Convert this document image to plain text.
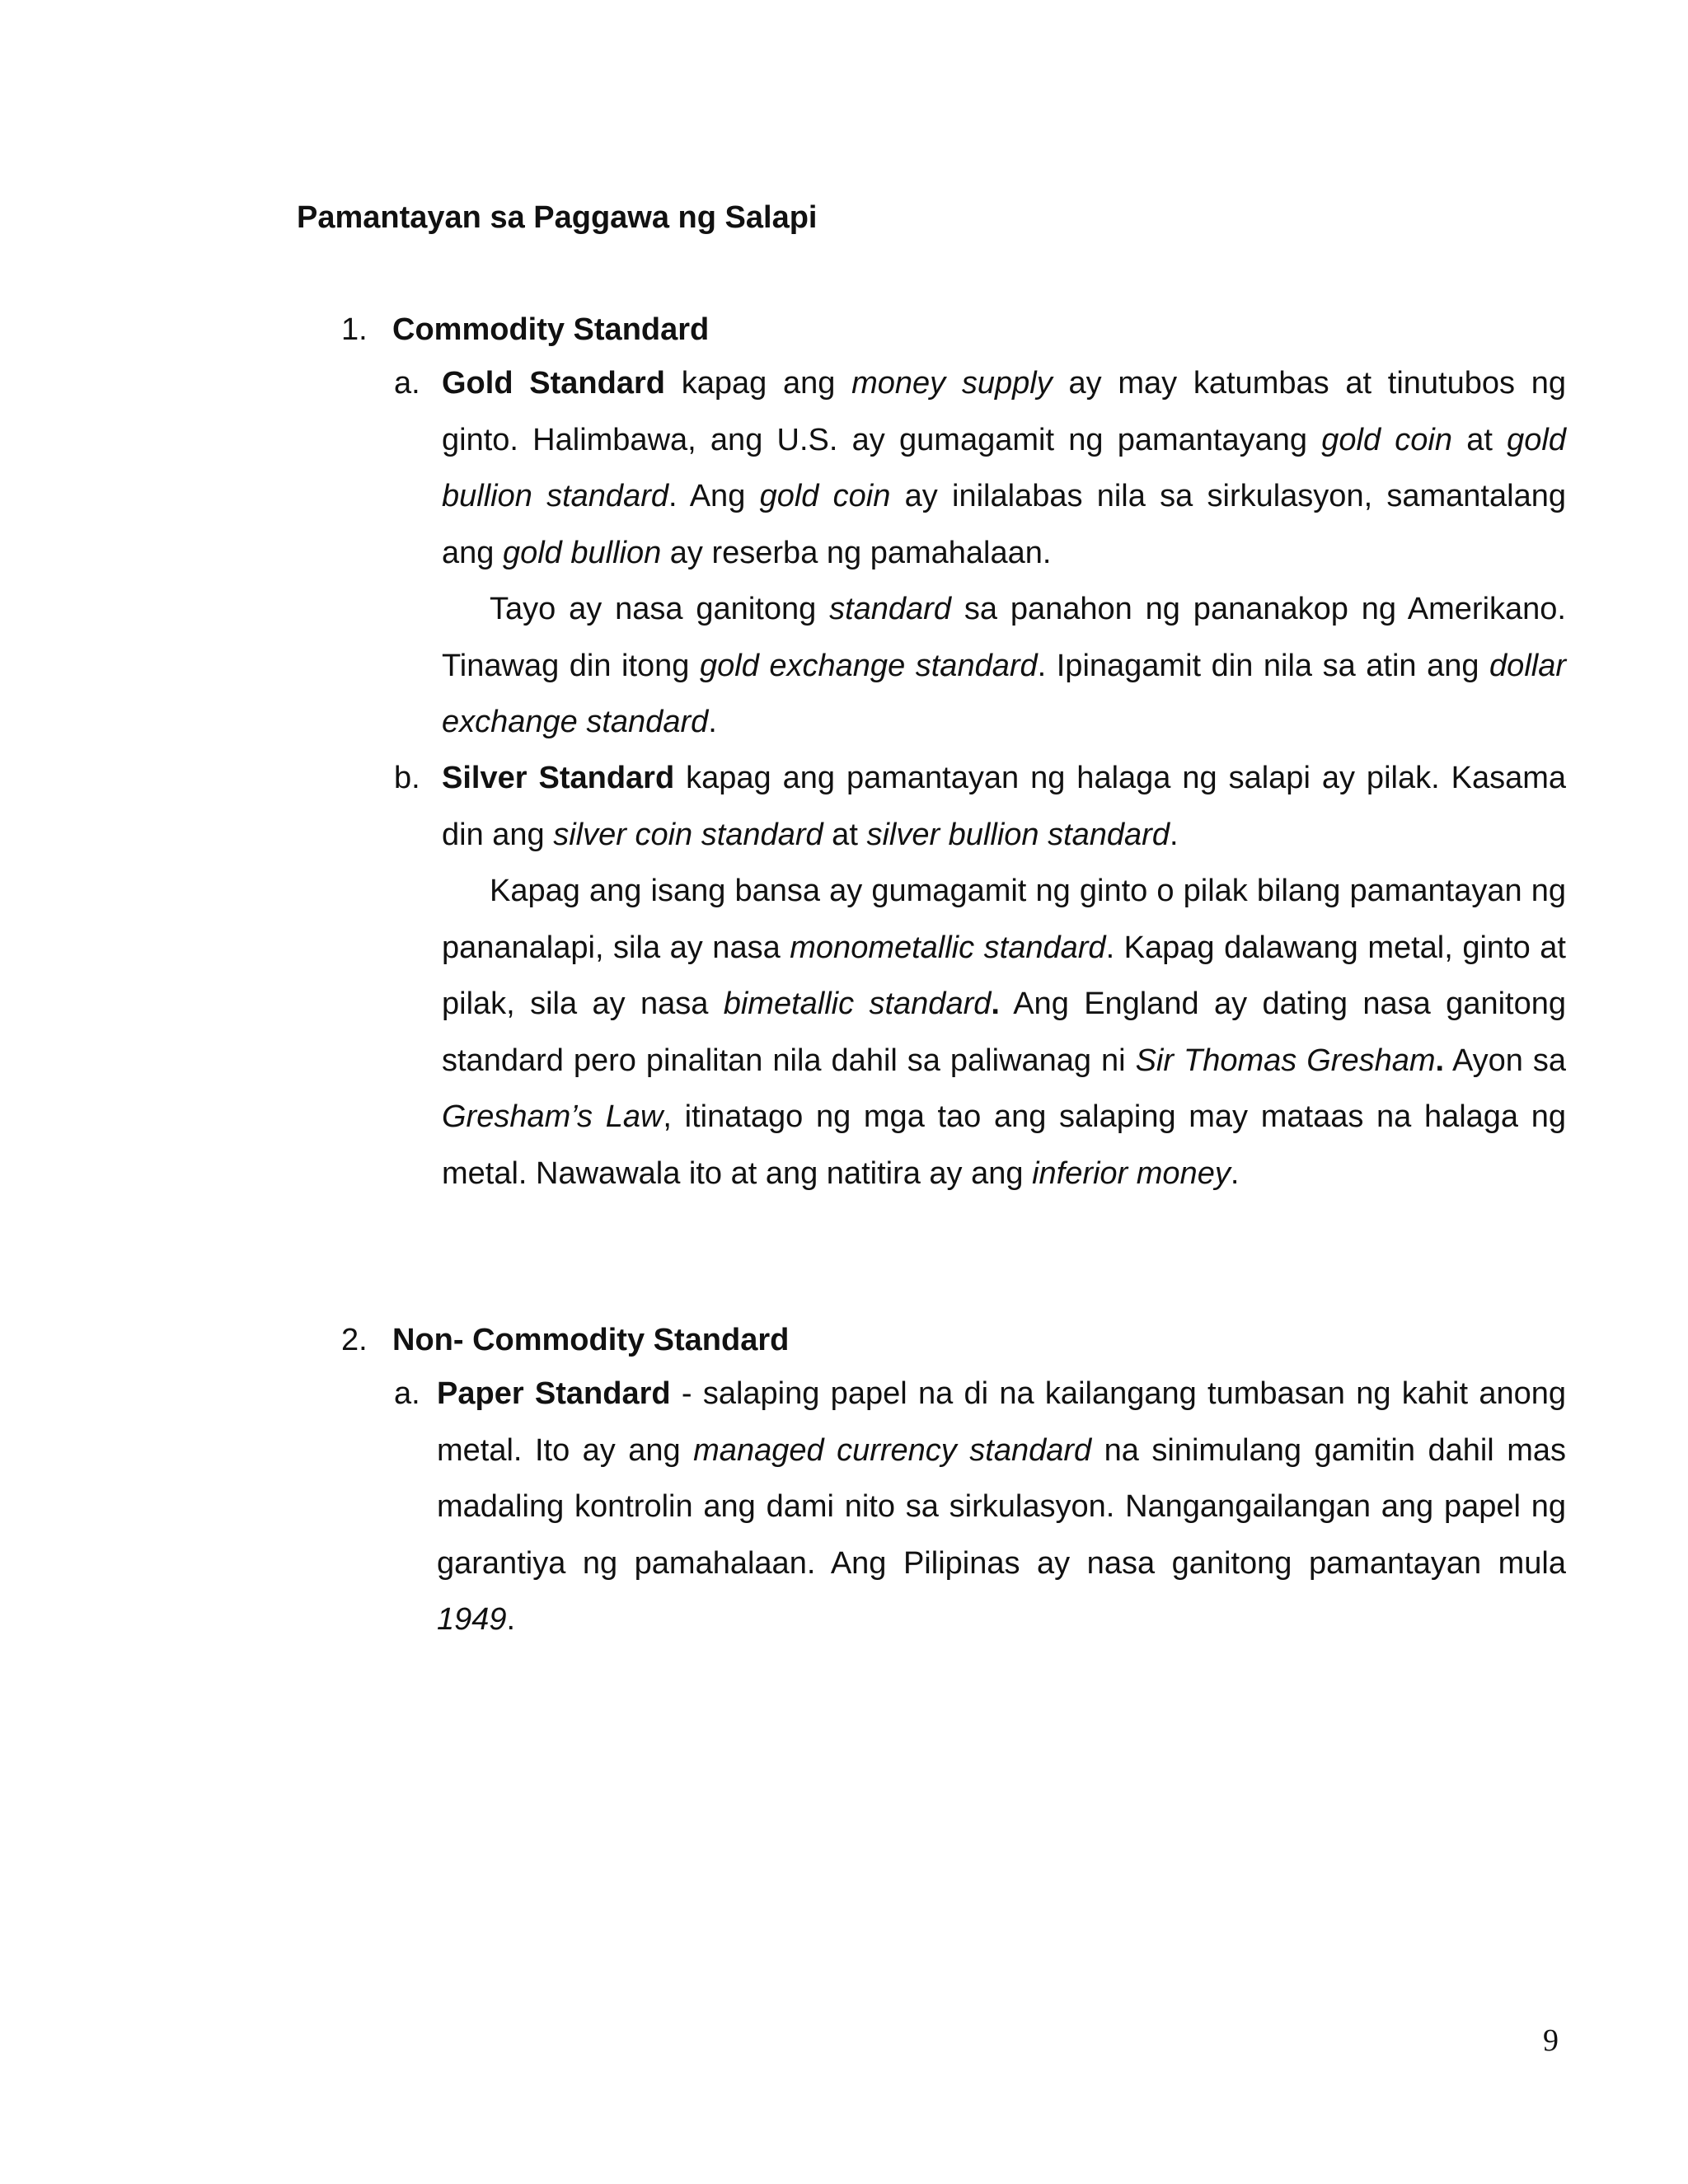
Pamantayan sa Paggawa ng Salapi
1. Commodity Standard
a. Gold Standard kapag ang money supply ay may katumbas at tinutubos ng ginto. Halimbawa, ang U.S. ay gumagamit ng pamantayang gold coin at gold bullion standard. Ang gold coin ay inilalabas nila sa sirkulasyon, samantalang ang gold bullion ay reserba ng pamahalaan.

Tayo ay nasa ganitong standard sa panahon ng pananakop ng Amerikano. Tinawag din itong gold exchange standard. Ipinagamit din nila sa atin ang dollar exchange standard.

b. Silver Standard kapag ang pamantayan ng halaga ng salapi ay pilak. Kasama din ang silver coin standard at silver bullion standard.

Kapag ang isang bansa ay gumagamit ng ginto o pilak bilang pamantayan ng pananalapi, sila ay nasa monometallic standard. Kapag dalawang metal, ginto at pilak, sila ay nasa bimetallic standard. Ang England ay dating nasa ganitong standard pero pinalitan nila dahil sa paliwanag ni Sir Thomas Gresham. Ayon sa Gresham’s Law, itinatago ng mga tao ang salaping may mataas na halaga ng metal. Nawawala ito at ang natitira ay ang inferior money.

2. Non- Commodity Standard
a. Paper Standard - salaping papel na di na kailangang tumbasan ng kahit anong metal. Ito ay ang managed currency standard na sinimulang gamitin dahil mas madaling kontrolin ang dami nito sa sirkulasyon. Nangangailangan ang papel ng garantiya ng pamahalaan. Ang Pilipinas ay nasa ganitong pamantayan mula 1949.

9
